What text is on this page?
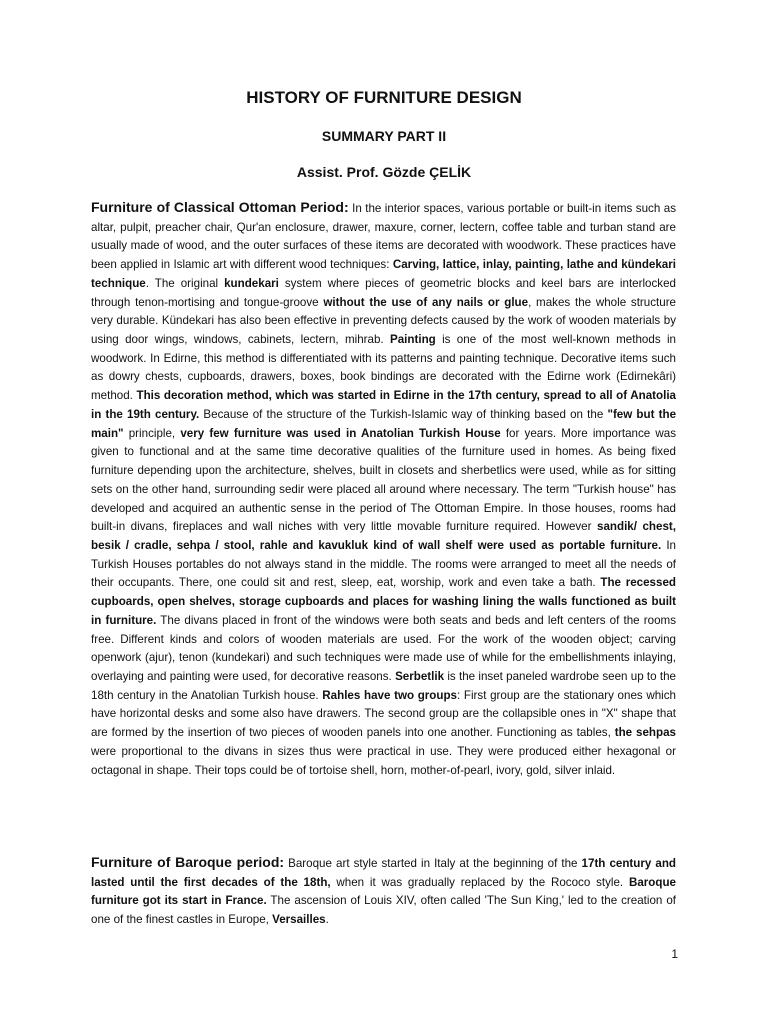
HISTORY OF FURNITURE DESIGN
SUMMARY PART II
Assist. Prof. Gözde ÇELİK

Furniture of Classical Ottoman Period: In the interior spaces, various portable or built-in items such as altar, pulpit, preacher chair, Qur'an enclosure, drawer, maxure, corner, lectern, coffee table and turban stand are usually made of wood, and the outer surfaces of these items are decorated with woodwork. These practices have been applied in Islamic art with different wood techniques: Carving, lattice, inlay, painting, lathe and kündekari technique. The original kundekari system where pieces of geometric blocks and keel bars are interlocked through tenon-mortising and tongue-groove without the use of any nails or glue, makes the whole structure very durable. Kündekari has also been effective in preventing defects caused by the work of wooden materials by using door wings, windows, cabinets, lectern, mihrab. Painting is one of the most well-known methods in woodwork. In Edirne, this method is differentiated with its patterns and painting technique. Decorative items such as dowry chests, cupboards, drawers, boxes, book bindings are decorated with the Edirne work (Edirnekâri) method. This decoration method, which was started in Edirne in the 17th century, spread to all of Anatolia in the 19th century. Because of the structure of the Turkish-Islamic way of thinking based on the "few but the main" principle, very few furniture was used in Anatolian Turkish House for years. More importance was given to functional and at the same time decorative qualities of the furniture used in homes. As being fixed furniture depending upon the architecture, shelves, built in closets and sherbetlics were used, while as for sitting sets on the other hand, surrounding sedir were placed all around where necessary. The term "Turkish house" has developed and acquired an authentic sense in the period of The Ottoman Empire. In those houses, rooms had built-in divans, fireplaces and wall niches with very little movable furniture required. However sandik/ chest, besik / cradle, sehpa / stool, rahle and kavukluk kind of wall shelf were used as portable furniture. In Turkish Houses portables do not always stand in the middle. The rooms were arranged to meet all the needs of their occupants. There, one could sit and rest, sleep, eat, worship, work and even take a bath. The recessed cupboards, open shelves, storage cupboards and places for washing lining the walls functioned as built in furniture. The divans placed in front of the windows were both seats and beds and left centers of the rooms free. Different kinds and colors of wooden materials are used. For the work of the wooden object; carving openwork (ajur), tenon (kundekari) and such techniques were made use of while for the embellishments inlaying, overlaying and painting were used, for decorative reasons. Serbetlik is the inset paneled wardrobe seen up to the 18th century in the Anatolian Turkish house. Rahles have two groups: First group are the stationary ones which have horizontal desks and some also have drawers. The second group are the collapsible ones in "X" shape that are formed by the insertion of two pieces of wooden panels into one another. Functioning as tables, the sehpas were proportional to the divans in sizes thus were practical in use. They were produced either hexagonal or octagonal in shape. Their tops could be of tortoise shell, horn, mother-of-pearl, ivory, gold, silver inlaid.

Furniture of Baroque period: Baroque art style started in Italy at the beginning of the 17th century and lasted until the first decades of the 18th, when it was gradually replaced by the Rococo style. Baroque furniture got its start in France. The ascension of Louis XIV, often called 'The Sun King,' led to the creation of one of the finest castles in Europe, Versailles.

1
